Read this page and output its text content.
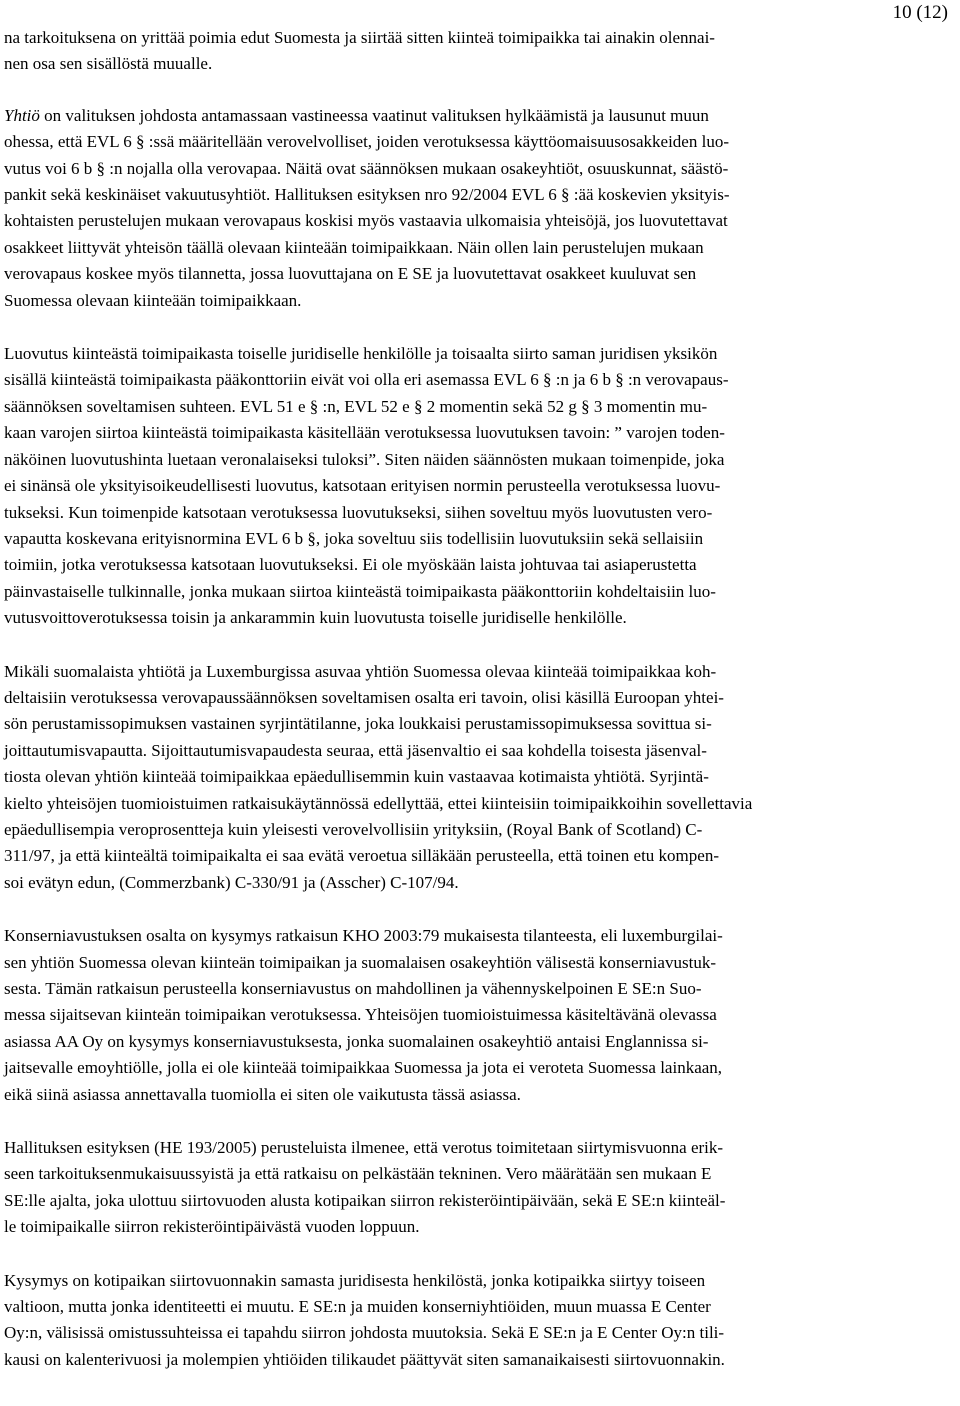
10 (12)

na tarkoituksena on yrittää poimia edut Suomesta ja siirtää sitten kiinteä toimipaikka tai ainakin olennai-
nen osa sen sisällöstä muualle.

Yhtiö on valituksen johdosta antamassaan vastineessa vaatinut valituksen hylkäämistä ja lausunut muun
ohessa, että EVL 6 § :ssä määritellään verovelvolliset, joiden verotuksessa käyttöomaisuusosakkeiden luo-
vutus voi 6 b § :n nojalla olla verovapaa. Näitä ovat säännöksen mukaan osakeyhtiöt, osuuskunnat, säästö-
pankit sekä keskinäiset vakuutusyhtiöt. Hallituksen esityksen nro 92/2004 EVL 6 § :ää koskevien yksityis-
kohtaisten perustelujen mukaan verovapaus koskisi myös vastaavia ulkomaisia yhteisöjä, jos luovutettavat
osakkeet liittyvät yhteisön täällä olevaan kiinteään toimipaikkaan. Näin ollen lain perustelujen mukaan
verovapaus koskee myös tilannetta, jossa luovuttajana on E SE ja luovutettavat osakkeet kuuluvat sen
Suomessa olevaan kiinteään toimipaikkaan.

Luovutus kiinteästä toimipaikasta toiselle juridiselle henkilölle ja toisaalta siirto saman juridisen yksikön
sisällä kiinteästä toimipaikasta pääkonttoriin eivät voi olla eri asemassa EVL 6 § :n ja 6 b § :n verovapaus-
säännöksen soveltamisen suhteen. EVL 51 e § :n, EVL 52 e § 2 momentin sekä 52 g § 3 momentin mu-
kaan varojen siirtoa kiinteästä toimipaikasta käsitellään verotuksessa luovutuksen tavoin: ” varojen toden-
näköinen luovutushinta luetaan veronalaiseksi tuloksi”. Siten näiden säännösten mukaan toimenpide, joka
ei sinänsä ole yksityisoikeudellisesti luovutus, katsotaan erityisen normin perusteella verotuksessa luovu-
tukseksi. Kun toimenpide katsotaan verotuksessa luovutukseksi, siihen soveltuu myös luovutusten vero-
vapautta koskevana erityisnormina EVL 6 b §, joka soveltuu siis todellisiin luovutuksiin sekä sellaisiin
toimiin, jotka verotuksessa katsotaan luovutukseksi. Ei ole myöskään laista johtuvaa tai asiaperustetta
päinvastaiselle tulkinnalle, jonka mukaan siirtoa kiinteästä toimipaikasta pääkonttoriin kohdeltaisiin luo-
vutusvoittoverotuksessa toisin ja ankarammin kuin luovutusta toiselle juridiselle henkilölle.

Mikäli suomalaista yhtiötä ja Luxemburgissa asuvaa yhtiön Suomessa olevaa kiinteää toimipaikkaa koh-
deltaisiin verotuksessa verovapaussäännöksen soveltamisen osalta eri tavoin, olisi käsillä Euroopan yhtei-
sön perustamissopimuksen vastainen syrjintätilanne, joka loukkaisi perustamissopimuksessa sovittua si-
joittautumisvapautta. Sijoittautumisvapaudesta seuraa, että jäsenvaltio ei saa kohdella toisesta jäsenval-
tiosta olevan yhtiön kiinteää toimipaikkaa epäedullisemmin kuin vastaavaa kotimaista yhtiötä. Syrjintä-
kielto yhteisöjen tuomioistuimen ratkaisukäytännössä edellyttää, ettei kiinteisiin toimipaikkoihin sovellettavia
epäedullisempia veroprosentteja kuin yleisesti verovelvollisiin yrityksiin, (Royal Bank of Scotland) C-
311/97, ja että kiinteältä toimipaikalta ei saa evätä veroetua silläkään perusteella, että toinen etu kompen-
soi evätyn edun, (Commerzbank) C-330/91 ja (Asscher) C-107/94.

Konserniavustuksen osalta on kysymys ratkaisun KHO 2003:79 mukaisesta tilanteesta, eli luxemburgilai-
sen yhtiön Suomessa olevan kiinteän toimipaikan ja suomalaisen osakeyhtiön välisestä konserniavustuk-
sesta. Tämän ratkaisun perusteella konserniavustus on mahdollinen ja vähennyskelpoinen E SE:n Suo-
messa sijaitsevan kiinteän toimipaikan verotuksessa. Yhteisöjen tuomioistuimessa käsiteltävänä olevassa
asiassa AA Oy on kysymys konserniavustuksesta, jonka suomalainen osakeyhtiö antaisi Englannissa si-
jaitsevalle emoyhtiölle, jolla ei ole kiinteää toimipaikkaa Suomessa ja jota ei veroteta Suomessa lainkaan,
eikä siinä asiassa annettavalla tuomiolla ei siten ole vaikutusta tässä asiassa.

Hallituksen esityksen (HE 193/2005) perusteluista ilmenee, että verotus toimitetaan siirtymisvuonna erik-
seen tarkoituksenmukaisuussyistä ja että ratkaisu on pelkästään tekninen. Vero määrätään sen mukaan E
SE:lle ajalta, joka ulottuu siirtovuoden alusta kotipaikan siirron rekisteröintipäivään, sekä E SE:n kiinteäl-
le toimipaikalle siirron rekisteröintipäivästä vuoden loppuun.

Kysymys on kotipaikan siirtovuonnakin samasta juridisesta henkilöstä, jonka kotipaikka siirtyy toiseen
valtioon, mutta jonka identiteetti ei muutu. E SE:n ja muiden konserniyhtiöiden, muun muassa E Center
Oy:n, välisissä omistussuhteissa ei tapahdu siirron johdosta muutoksia. Sekä E SE:n ja E Center Oy:n tili-
kausi on kalenterivuosi ja molempien yhtiöiden tilikaudet päättyvät siten samanaikaisesti siirtovuonnakin.
